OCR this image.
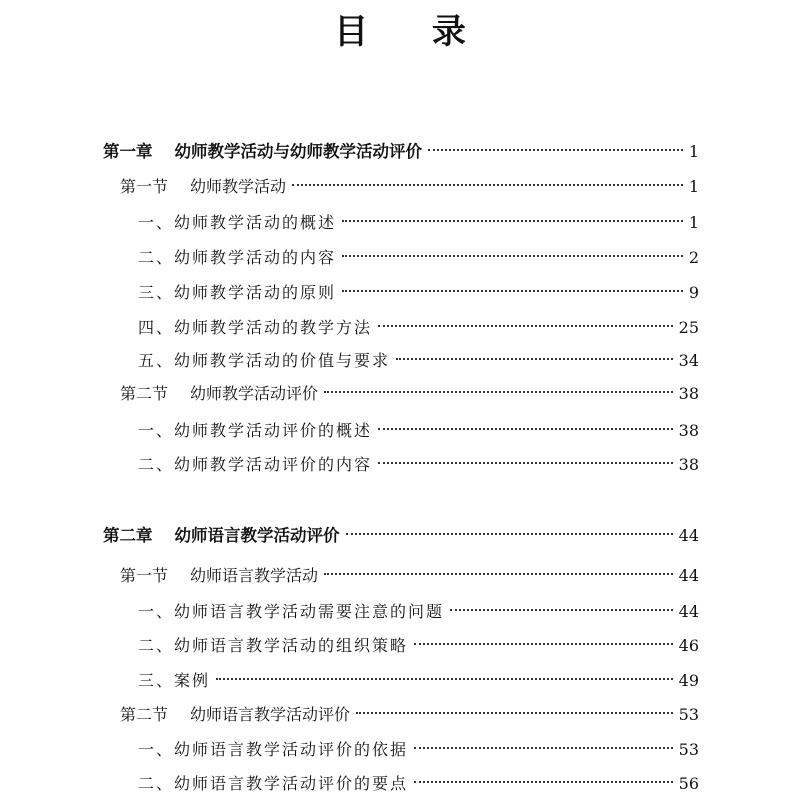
目 录
第一章 幼师教学活动与幼师教学活动评价	1
第一节 幼师教学活动	1
一、幼师教学活动的概述	1
二、幼师教学活动的内容	2
三、幼师教学活动的原则	9
四、幼师教学活动的教学方法	25
五、幼师教学活动的价值与要求	34
第二节 幼师教学活动评价	38
一、幼师教学活动评价的概述	38
二、幼师教学活动评价的内容	38
第二章 幼师语言教学活动评价	44
第一节 幼师语言教学活动	44
一、幼师语言教学活动需要注意的问题	44
二、幼师语言教学活动的组织策略	46
三、案例	49
第二节 幼师语言教学活动评价	53
一、幼师语言教学活动评价的依据	53
二、幼师语言教学活动评价的要点	56
